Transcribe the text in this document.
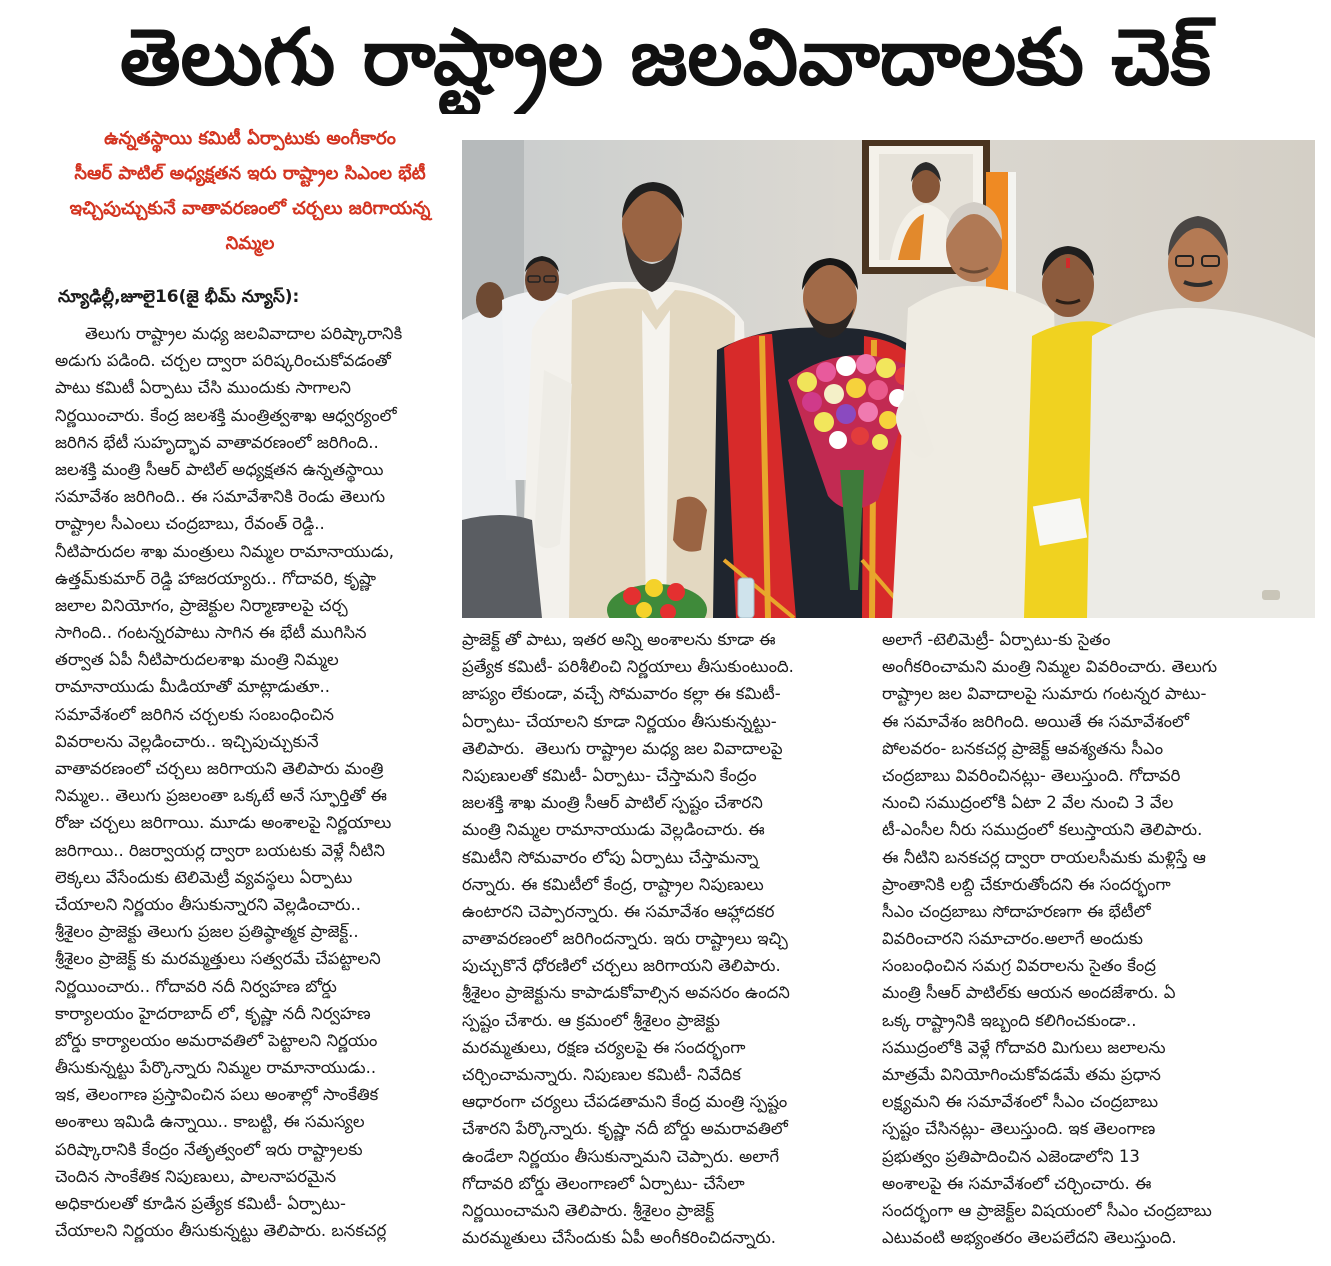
తెలుగు రాష్ట్రాల జలవివాదాలకు చెక్
ఉన్నతస్థాయి కమిటీ ఏర్పాటుకు అంగీకారం
సీఆర్ పాటిల్ అధ్యక్షతన ఇరు రాష్ట్రాల సిఎంల భేటీ
ఇచ్చిపుచ్చుకునే వాతావరణంలో చర్చలు జరిగాయన్న
నిమ్మల
న్యూఢిల్లీ,జూలై16(జై భీమ్ న్యూస్):
తెలుగు రాష్ట్రాల మధ్య జలవివాదాల పరిష్కారానికి
అడుగు పడింది. చర్చల ద్వారా పరిష్కరించుకోవడంతో
పాటు కమిటీ ఏర్పాటు చేసి ముందుకు సాగాలని
నిర్ణయించారు. కేంద్ర జలశక్తి మంత్రిత్వశాఖ ఆధ్వర్యంలో
జరిగిన భేటీ సుహృద్భావ వాతావరణంలో జరిగింది..
జలశక్తి మంత్రి సీఆర్ పాటిల్ అధ్యక్షతన ఉన్నతస్థాయి
సమావేశం జరిగింది.. ఈ సమావేశానికి రెండు తెలుగు
రాష్ట్రాల సీఎంలు చంద్రబాబు, రేవంత్ రెడ్డి..
నీటిపారుదల శాఖ మంత్రులు నిమ్మల రామానాయుడు,
ఉత్తమ్‌కుమార్ రెడ్డి హాజరయ్యారు.. గోదావరి, కృష్ణా
జలాల వినియోగం, ప్రాజెక్టుల నిర్మాణాలపై చర్చ
సాగింది.. గంటన్నరపాటు సాగిన ఈ భేటీ ముగిసిన
తర్వాత ఏపీ నీటిపారుదలశాఖ మంత్రి నిమ్మల
రామానాయుడు మీడియాతో మాట్లాడుతూ..
సమావేశంలో జరిగిన చర్చలకు సంబంధించిన
వివరాలను వెల్లడించారు.. ఇచ్చిపుచ్చుకునే
వాతావరణంలో చర్చలు జరిగాయని తెలిపారు మంత్రి
నిమ్మల.. తెలుగు ప్రజలంతా ఒక్కటే అనే స్ఫూర్తితో ఈ
రోజు చర్చలు జరిగాయి. మూడు అంశాలపై నిర్ణయాలు
జరిగాయి.. రిజర్వాయర్ల ద్వారా బయటకు వెళ్లే నీటిని
లెక్కలు వేసేందుకు టెలిమెట్రీ వ్యవస్థలు ఏర్పాటు
చేయాలని నిర్ణయం తీసుకున్నారని వెల్లడించారు..
శ్రీశైలం ప్రాజెక్టు తెలుగు ప్రజల ప్రతిష్ఠాత్మక ప్రాజెక్ట్..
శ్రీశైలం ప్రాజెక్ట్ కు మరమ్మత్తులు సత్వరమే చేపట్టాలని
నిర్ణయించారు.. గోదావరి నదీ నిర్వహణ బోర్డు
కార్యాలయం హైదరాబాద్ లో, కృష్ణా నదీ నిర్వహణ
బోర్డు కార్యాలయం అమరావతిలో పెట్టాలని నిర్ణయం
తీసుకున్నట్టు పేర్కొన్నారు నిమ్మల రామానాయుడు..
ఇక, తెలంగాణ ప్రస్తావించిన పలు అంశాల్లో సాంకేతిక
అంశాలు ఇమిడి ఉన్నాయి.. కాబట్టి, ఈ సమస్యల
పరిష్కారానికి కేంద్రం నేతృత్వంలో ఇరు రాష్ట్రాలకు
చెందిన సాంకేతిక నిపుణులు, పాలనాపరమైన
అధికారులతో కూడిన ప్రత్యేక కమిటీ- ఏర్పాటు-
చేయాలని నిర్ణయం తీసుకున్నట్టు తెలిపారు. బనకచర్ల
ప్రాజెక్ట్ తో పాటు, ఇతర అన్ని అంశాలను కూడా ఈ
ప్రత్యేక కమిటీ- పరిశీలించి నిర్ణయాలు తీసుకుంటుంది.
జాప్యం లేకుండా, వచ్చే సోమవారం కల్లా ఈ కమిటీ-
ఏర్పాటు- చేయాలని కూడా నిర్ణయం తీసుకున్నట్టు-
తెలిపారు.  తెలుగు రాష్ట్రాల మధ్య జల వివాదాలపై
నిపుణులతో కమిటీ- ఏర్పాటు- చేస్తామని కేంద్రం
జలశక్తి శాఖ మంత్రి సీఆర్ పాటిల్ స్పష్టం చేశారని
మంత్రి నిమ్మల రామానాయుడు వెల్లడించారు. ఈ
కమిటీని సోమవారం లోపు ఏర్పాటు చేస్తామన్నా
రన్నారు. ఈ కమిటీలో కేంద్ర, రాష్ట్రాల నిపుణులు
ఉంటారని చెప్పారన్నారు. ఈ సమావేశం ఆహ్లాదకర
వాతావరణంలో జరిగిందన్నారు. ఇరు రాష్ట్రాలు ఇచ్చి
పుచ్చుకొనే ధోరణిలో చర్చలు జరిగాయని తెలిపారు.
శ్రీశైలం ప్రాజెక్టును కాపాడుకోవాల్సిన అవసరం ఉందని
స్పష్టం చేశారు. ఆ క్రమంలో శ్రీశైలం ప్రాజెక్టు
మరమ్మతులు, రక్షణ చర్యలపై ఈ సందర్భంగా
చర్చించామన్నారు. నిపుణుల కమిటీ- నివేదిక
ఆధారంగా చర్యలు చేపడతామని కేంద్ర మంత్రి స్పష్టం
చేశారని పేర్కొన్నారు. కృష్ణా నదీ బోర్డు అమరావతిలో
ఉండేలా నిర్ణయం తీసుకున్నామని చెప్పారు. అలాగే
గోదావరి బోర్డు తెలంగాణలో ఏర్పాటు- చేసేలా
నిర్ణయించామని తెలిపారు. శ్రీశైలం ప్రాజెక్ట్
మరమ్మతులు చేసేందుకు ఏపీ అంగీకరించిదన్నారు.
అలాగే -టెలిమెట్రీ- ఏర్పాటు-కు సైతం
అంగీకరించామని మంత్రి నిమ్మల వివరించారు. తెలుగు
రాష్ట్రాల జల వివాదాలపై సుమారు గంటన్నర పాటు-
ఈ సమావేశం జరిగింది. అయితే ఈ సమావేశంలో
పోలవరం- బనకచర్ల ప్రాజెక్ట్ ఆవశ్యతను సీఎం
చంద్రబాబు వివరించినట్లు- తెలుస్తుంది. గోదావరి
నుంచి సముద్రంలోకి ఏటా 2 వేల నుంచి 3 వేల
టీ-ఎంసీల నీరు సముద్రంలో కలుస్తాయని తెలిపారు.
ఈ నీటిని బనకచర్ల ద్వారా రాయలసీమకు మళ్లిస్తే ఆ
ప్రాంతానికి లబ్ది చేకూరుతోందని ఈ సందర్భంగా
సీఎం చంద్రబాబు సోదాహరణగా ఈ భేటీలో
వివరించారని సమాచారం.అలాగే అందుకు
సంబంధించిన సమగ్ర వివరాలను సైతం కేంద్ర
మంత్రి సీఆర్ పాటిల్‌కు ఆయన అందజేశారు. ఏ
ఒక్క రాష్ట్రానికి ఇబ్బంది కలిగించకుండా..
సముద్రంలోకి వెళ్లే గోదావరి మిగులు జలాలను
మాత్రమే వినియోగించుకోవడమే తమ ప్రధాన
లక్ష్యమని ఈ సమావేశంలో సీఎం చంద్రబాబు
స్పష్టం చేసినట్లు- తెలుస్తుంది. ఇక తెలంగాణ
ప్రభుత్వం ప్రతిపాదించిన ఎజెండాలోని 13
అంశాలపై ఈ సమావేశంలో చర్చించారు. ఈ
సందర్భంగా ఆ ప్రాజెక్ట్‌ల విషయంలో సీఎం చంద్రబాబు
ఎటువంటి అభ్యంతరం తెలపలేదని తెలుస్తుంది.
